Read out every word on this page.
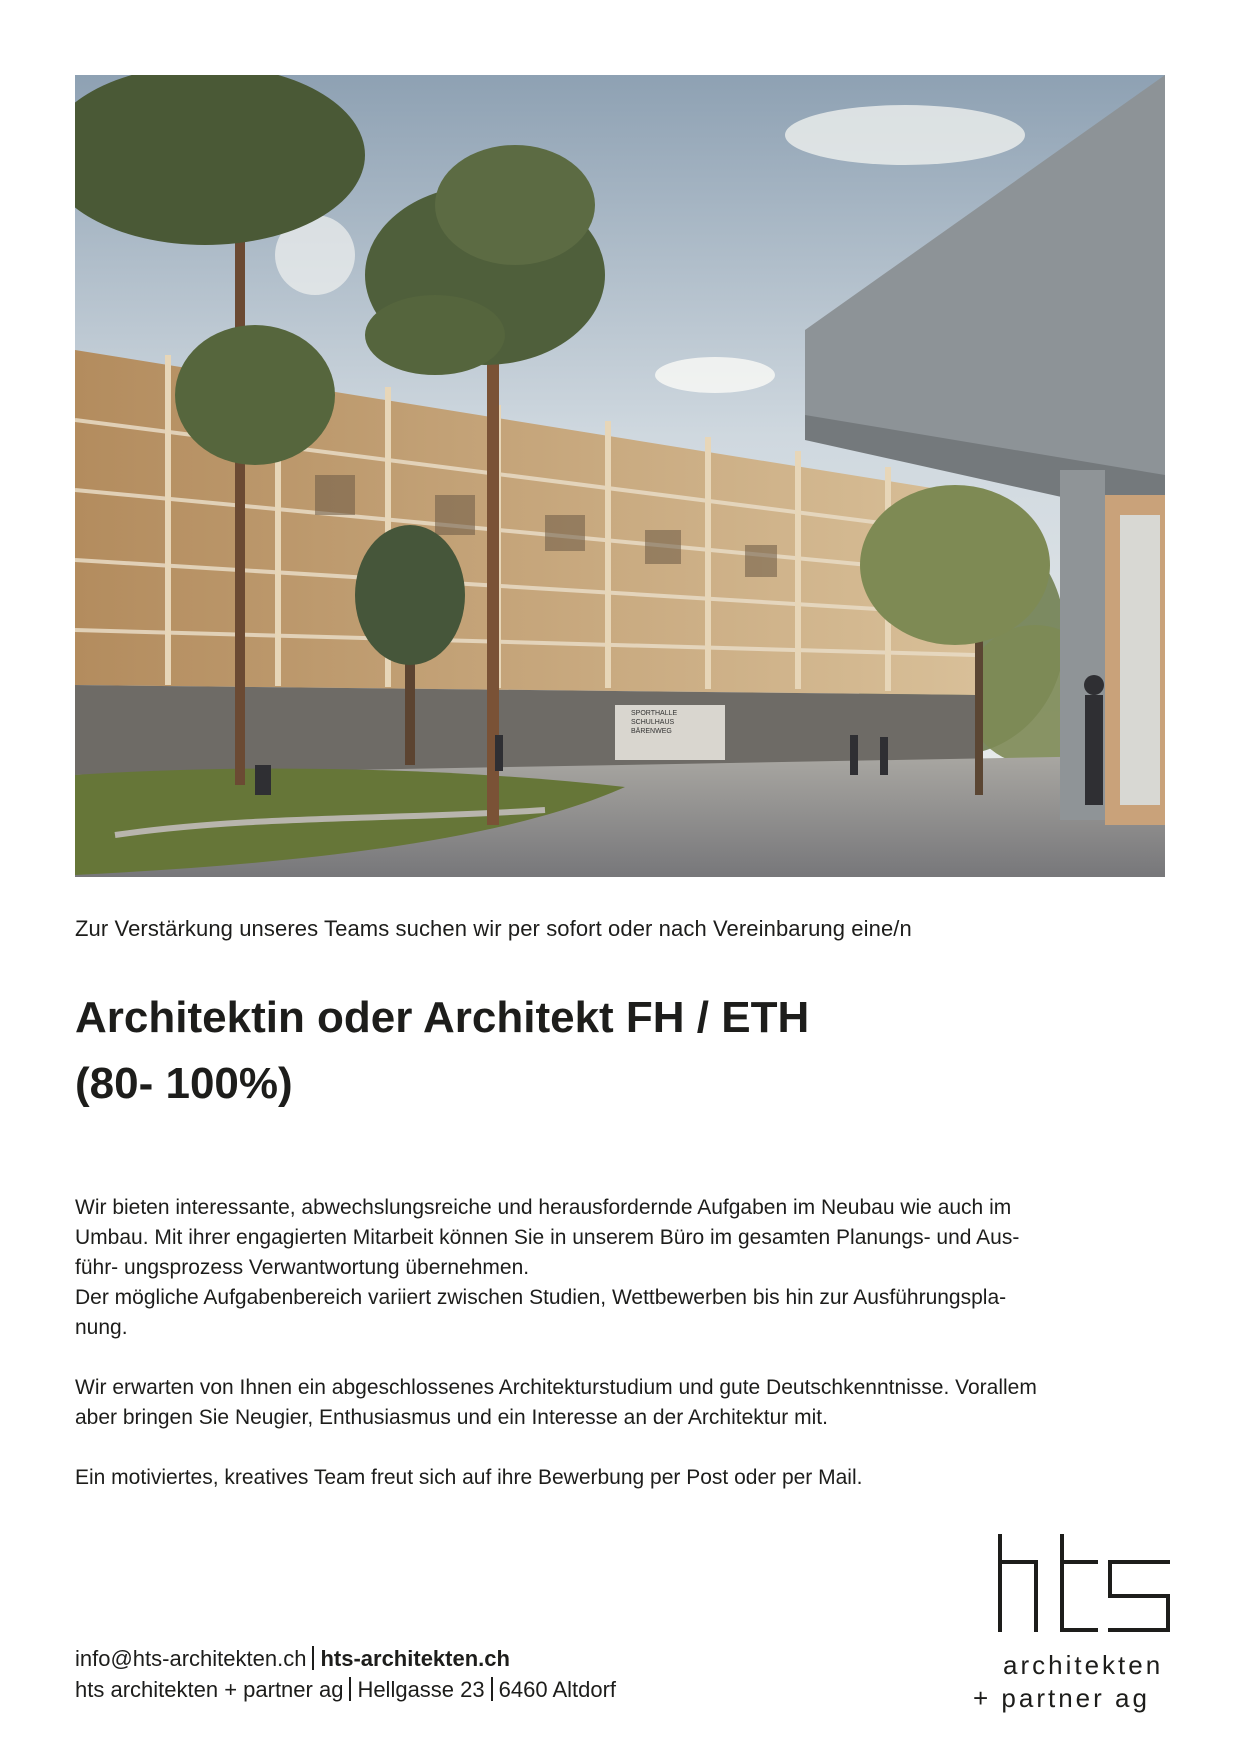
SPORTHALLE
SCHULHAUS
BÄRENWEG
Zur Verstärkung unseres Teams suchen wir per sofort oder nach Vereinbarung eine/n
Architektin oder Architekt FH / ETH
(80- 100%)

Wir bieten interessante, abwechslungsreiche und herausfordernde Aufgaben im Neubau wie auch im
Umbau. Mit ihrer engagierten Mitarbeit können Sie in unserem Büro im gesamten Planungs- und Aus-
führ- ungsprozess Verwantwortung übernehmen.
Der mögliche Aufgabenbereich variiert zwischen Studien, Wettbewerben bis hin zur Ausführungspla-
nung.

Wir erwarten von Ihnen ein abgeschlossenes Architekturstudium und gute Deutschkenntnisse. Vorallem
aber bringen Sie Neugier, Enthusiasmus und ein Interesse an der Architektur mit.

Ein motiviertes, kreatives Team freut sich auf ihre Bewerbung per Post oder per Mail.

info@hts-architekten.ch hts-architekten.ch
hts architekten + partner ag Hellgasse 23 6460 Altdorf
architekten
+ partner ag
